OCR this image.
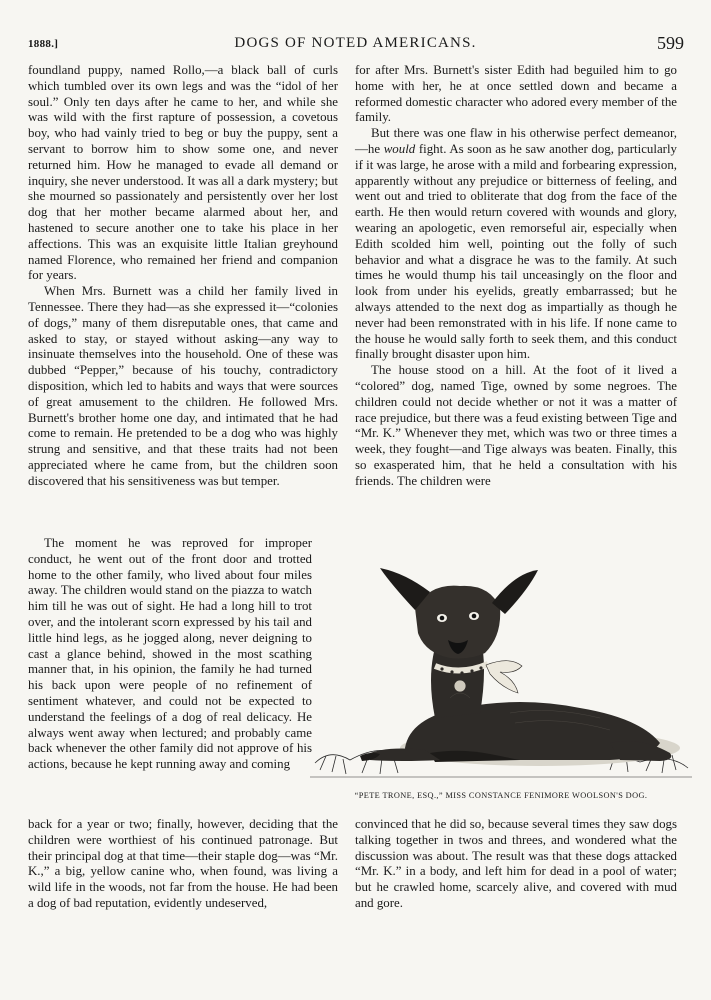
1888.]	DOGS OF NOTED AMERICANS.	599

foundland puppy, named Rollo,—a black ball of curls which tumbled over its own legs and was the “idol of her soul.” Only ten days after he came to her, and while she was wild with the first rapture of possession, a covetous boy, who had vainly tried to beg or buy the puppy, sent a servant to borrow him to show some one, and never returned him. How he managed to evade all demand or inquiry, she never understood. It was all a dark mystery; but she mourned so passionately and persistently over her lost dog that her mother became alarmed about her, and hastened to secure another one to take his place in her affections. This was an exquisite little Italian greyhound named Florence, who remained her friend and companion for years.

When Mrs. Burnett was a child her family lived in Tennessee. There they had—as she expressed it—“colonies of dogs,” many of them disreputable ones, that came and asked to stay, or stayed without asking—any way to insinuate themselves into the household. One of these was dubbed “Pepper,” because of his touchy, contradictory disposition, which led to habits and ways that were sources of great amusement to the children. He followed Mrs. Burnett's brother home one day, and intimated that he had come to remain. He pretended to be a dog who was highly strung and sensitive, and that these traits had not been appreciated where he came from, but the children soon discovered that his sensitiveness was but temper.

The moment he was reproved for improper conduct, he went out of the front door and trotted home to the other family, who lived about four miles away. The children would stand on the piazza to watch him till he was out of sight. He had a long hill to trot over, and the intolerant scorn expressed by his tail and little hind legs, as he jogged along, never deigning to cast a glance behind, showed in the most scathing manner that, in his opinion, the family he had turned his back upon were people of no refinement of sentiment whatever, and could not be expected to understand the feelings of a dog of real delicacy. He always went away when lectured; and probably came back whenever the other family did not approve of his actions, because he kept running away and coming

back for a year or two; finally, however, deciding that the children were worthiest of his continued patronage. But their principal dog at that time—their staple dog—was “Mr. K.,” a big, yellow canine who, when found, was living a wild life in the woods, not far from the house. He had been a dog of bad reputation, evidently undeserved,

for after Mrs. Burnett's sister Edith had beguiled him to go home with her, he at once settled down and became a reformed domestic character who adored every member of the family.

But there was one flaw in his otherwise perfect demeanor,—he would fight. As soon as he saw another dog, particularly if it was large, he arose with a mild and forbearing expression, apparently without any prejudice or bitterness of feeling, and went out and tried to obliterate that dog from the face of the earth. He then would return covered with wounds and glory, wearing an apologetic, even remorseful air, especially when Edith scolded him well, pointing out the folly of such behavior and what a disgrace he was to the family. At such times he would thump his tail unceasingly on the floor and look from under his eyelids, greatly embarrassed; but he always attended to the next dog as impartially as though he never had been remonstrated with in his life. If none came to the house he would sally forth to seek them, and this conduct finally brought disaster upon him.

The house stood on a hill. At the foot of it lived a “colored” dog, named Tige, owned by some negroes. The children could not decide whether or not it was a matter of race prejudice, but there was a feud existing between Tige and “Mr. K.” Whenever they met, which was two or three times a week, they fought—and Tige always was beaten. Finally, this so exasperated him, that he held a consultation with his friends. The children were

“PETE TRONE, ESQ.,” MISS CONSTANCE FENIMORE WOOLSON'S DOG.

convinced that he did so, because several times they saw dogs talking together in twos and threes, and wondered what the discussion was about. The result was that these dogs attacked “Mr. K.” in a body, and left him for dead in a pool of water; but he crawled home, scarcely alive, and covered with mud and gore.
